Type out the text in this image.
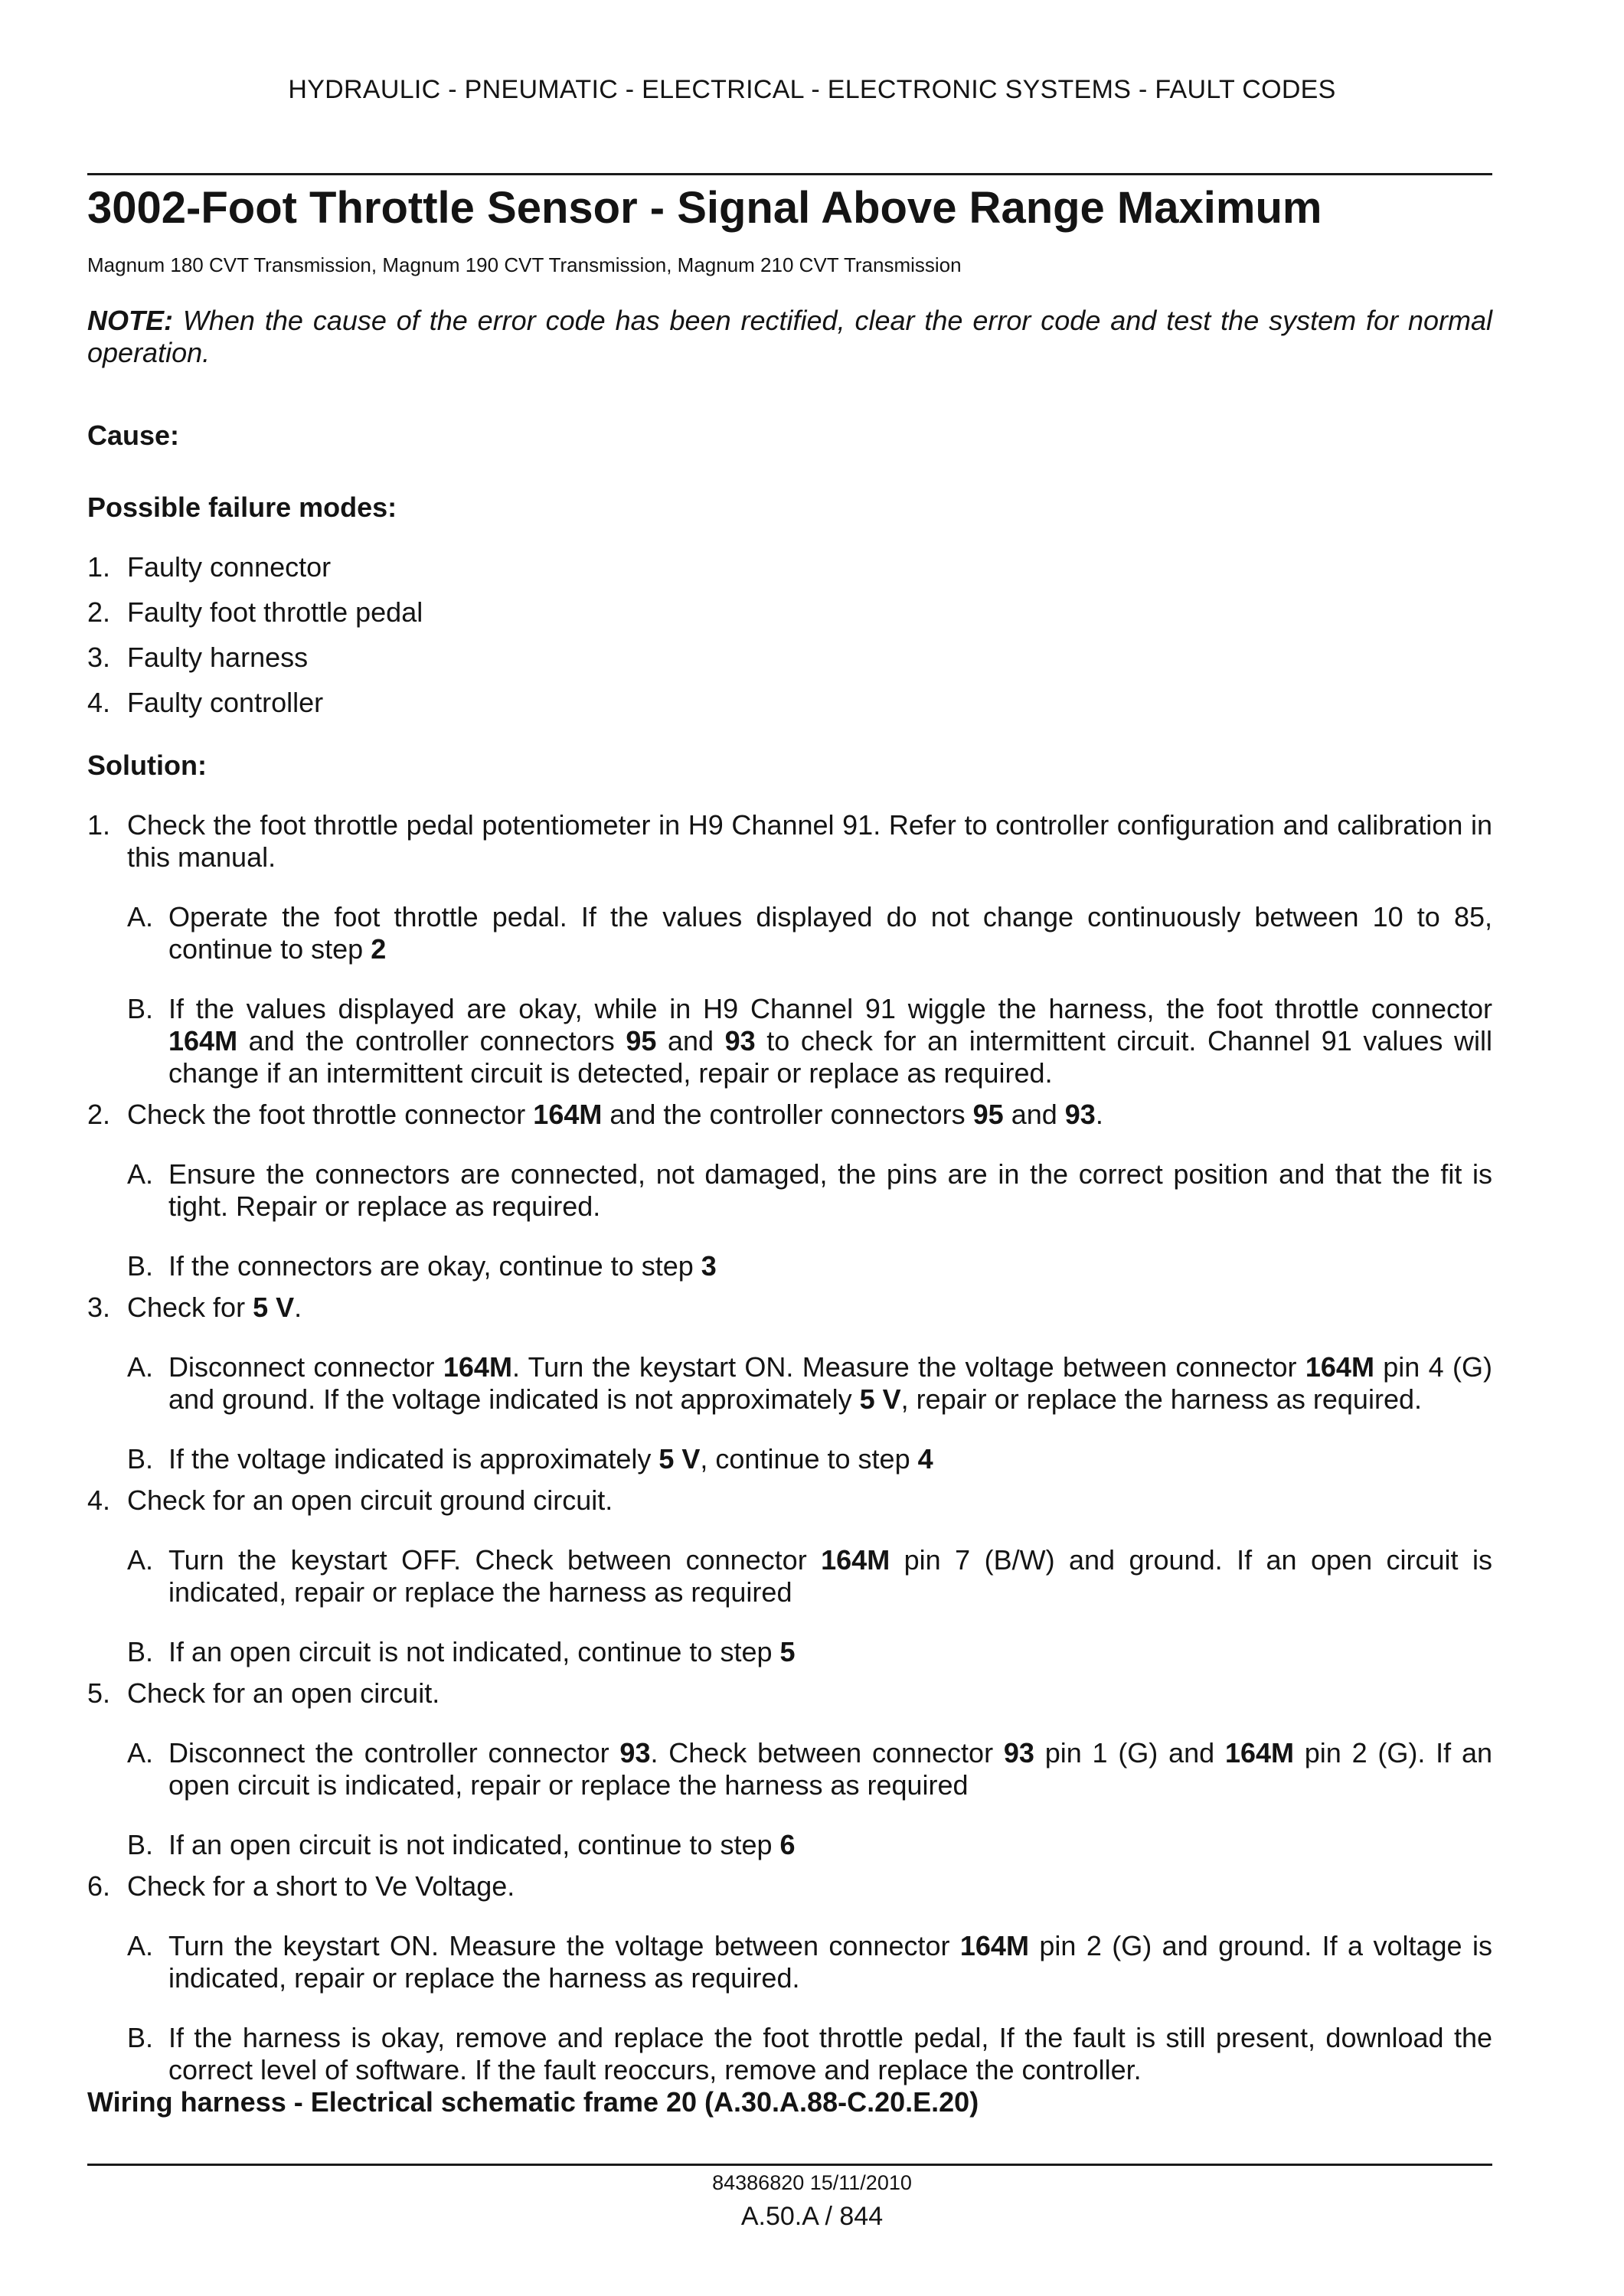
HYDRAULIC - PNEUMATIC - ELECTRICAL - ELECTRONIC SYSTEMS - FAULT CODES
3002-Foot Throttle Sensor - Signal Above Range Maximum
Magnum 180 CVT Transmission, Magnum 190 CVT Transmission, Magnum 210 CVT Transmission
NOTE: When the cause of the error code has been rectified, clear the error code and test the system for normal operation.
Cause:
Possible failure modes:
1. Faulty connector
2. Faulty foot throttle pedal
3. Faulty harness
4. Faulty controller
Solution:
1. Check the foot throttle pedal potentiometer in H9 Channel 91. Refer to controller configuration and calibration in this manual.
A. Operate the foot throttle pedal. If the values displayed do not change continuously between 10 to 85, continue to step 2
B. If the values displayed are okay, while in H9 Channel 91 wiggle the harness, the foot throttle connector 164M and the controller connectors 95 and 93 to check for an intermittent circuit. Channel 91 values will change if an intermittent circuit is detected, repair or replace as required.
2. Check the foot throttle connector 164M and the controller connectors 95 and 93.
A. Ensure the connectors are connected, not damaged, the pins are in the correct position and that the fit is tight. Repair or replace as required.
B. If the connectors are okay, continue to step 3
3. Check for 5 V.
A. Disconnect connector 164M. Turn the keystart ON. Measure the voltage between connector 164M pin 4 (G) and ground. If the voltage indicated is not approximately 5 V, repair or replace the harness as required.
B. If the voltage indicated is approximately 5 V, continue to step 4
4. Check for an open circuit ground circuit.
A. Turn the keystart OFF. Check between connector 164M pin 7 (B/W) and ground. If an open circuit is indicated, repair or replace the harness as required
B. If an open circuit is not indicated, continue to step 5
5. Check for an open circuit.
A. Disconnect the controller connector 93. Check between connector 93 pin 1 (G) and 164M pin 2 (G). If an open circuit is indicated, repair or replace the harness as required
B. If an open circuit is not indicated, continue to step 6
6. Check for a short to Ve Voltage.
A. Turn the keystart ON. Measure the voltage between connector 164M pin 2 (G) and ground. If a voltage is indicated, repair or replace the harness as required.
B. If the harness is okay, remove and replace the foot throttle pedal, If the fault is still present, download the correct level of software. If the fault reoccurs, remove and replace the controller.
Wiring harness - Electrical schematic frame 20 (A.30.A.88-C.20.E.20)
84386820 15/11/2010
A.50.A / 844
